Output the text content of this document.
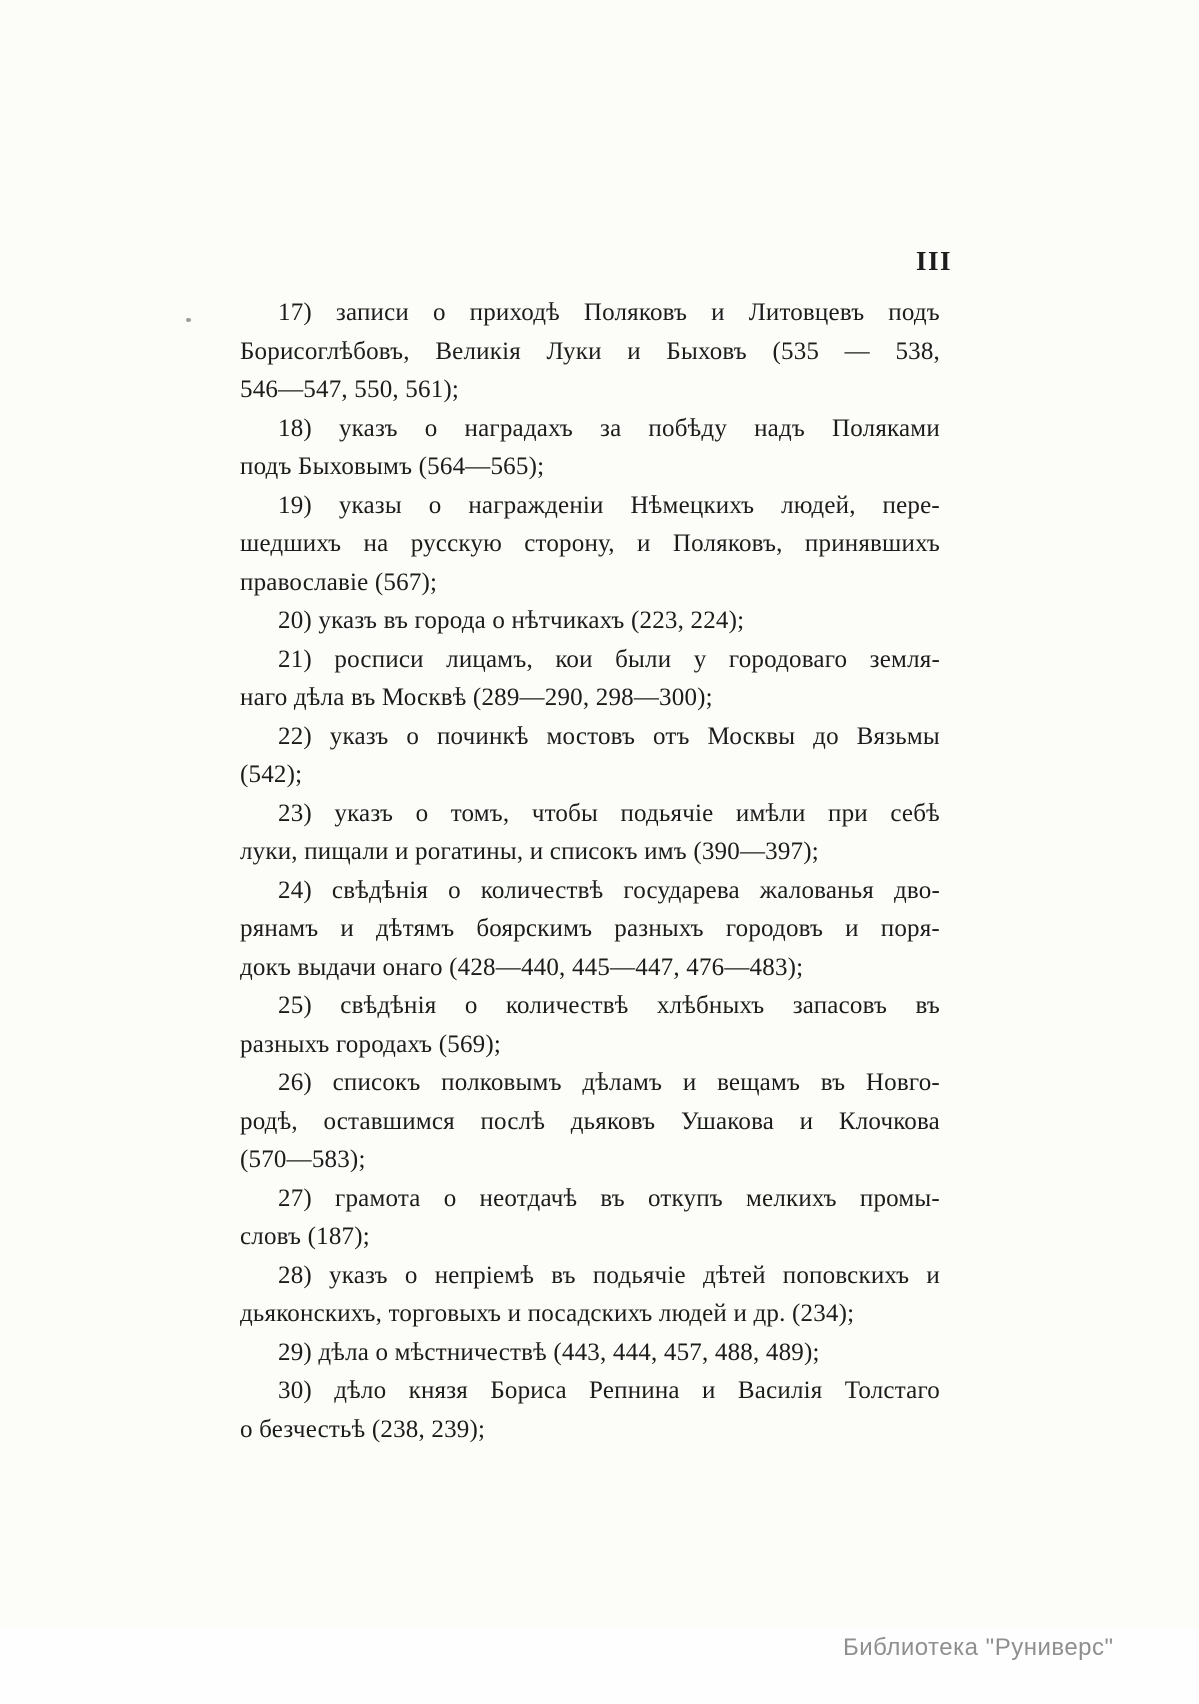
III
17) записи о приходѣ Поляковъ и Литовцевъ подъ
Борисоглѣбовъ, Великія Луки и Быховъ (535 — 538,
546—547, 550, 561);
18) указъ о наградахъ за побѣду надъ Поляками
подъ Быховымъ (564—565);
19) указы о награжденіи Нѣмецкихъ людей, пере-
шедшихъ на русскую сторону, и Поляковъ, принявшихъ
православіе (567);
20) указъ въ города о нѣтчикахъ (223, 224);
21) росписи лицамъ, кои были у городоваго земля-
наго дѣла въ Москвѣ (289—290, 298—300);
22) указъ о починкѣ мостовъ отъ Москвы до Вязьмы
(542);
23) указъ о томъ, чтобы подьячіе имѣли при себѣ
луки, пищали и рогатины, и списокъ имъ (390—397);
24) свѣдѣнія о количествѣ государева жалованья дво-
рянамъ и дѣтямъ боярскимъ разныхъ городовъ и поря-
докъ выдачи онаго (428—440, 445—447, 476—483);
25) свѣдѣнія о количествѣ хлѣбныхъ запасовъ въ
разныхъ городахъ (569);
26) списокъ полковымъ дѣламъ и вещамъ въ Новго-
родѣ, оставшимся послѣ дьяковъ Ушакова и Клочкова
(570—583);
27) грамота о неотдачѣ въ откупъ мелкихъ промы-
словъ (187);
28) указъ о непріемѣ въ подьячіе дѣтей поповскихъ и
дьяконскихъ, торговыхъ и посадскихъ людей и др. (234);
29) дѣла о мѣстничествѣ (443, 444, 457, 488, 489);
30) дѣло князя Бориса Репнина и Василія Толстаго
о безчестьѣ (238, 239);
Библиотека "Руниверс"
